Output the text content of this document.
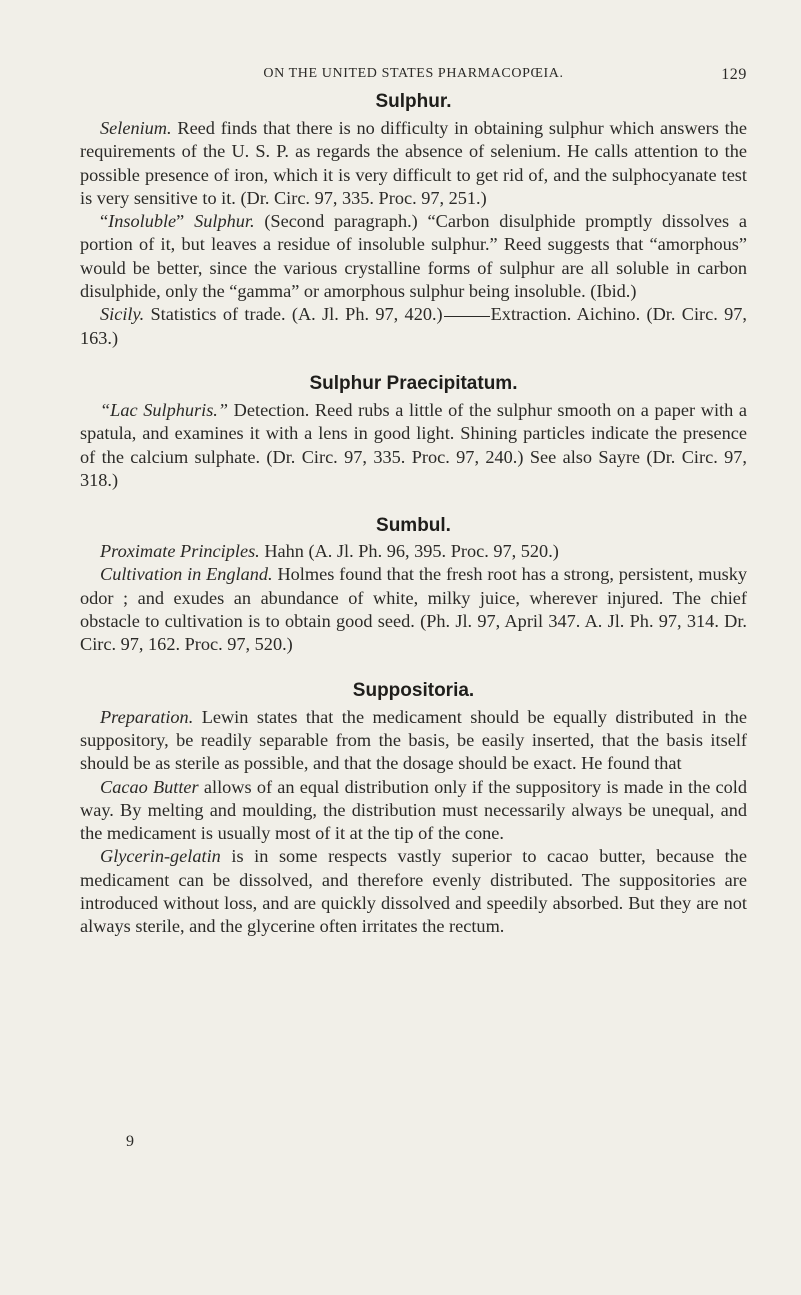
ON THE UNITED STATES PHARMACOPŒIA.	129
Sulphur.

Selenium. Reed finds that there is no difficulty in obtaining sulphur which answers the requirements of the U. S. P. as regards the absence of selenium. He calls attention to the possible presence of iron, which it is very difficult to get rid of, and the sulphocyanate test is very sensitive to it. (Dr. Circ. 97, 335. Proc. 97, 251.)

“Insoluble” Sulphur. (Second paragraph.) “Carbon disulphide promptly dissolves a portion of it, but leaves a residue of insoluble sulphur.” Reed suggests that “amorphous” would be better, since the various crystalline forms of sulphur are all soluble in carbon disulphide, only the “gamma” or amorphous sulphur being insoluble. (Ibid.)

Sicily. Statistics of trade. (A. Jl. Ph. 97, 420.)	Extraction. Aichino. (Dr. Circ. 97, 163.)

Sulphur Praecipitatum.

“Lac Sulphuris.” Detection. Reed rubs a little of the sulphur smooth on a paper with a spatula, and examines it with a lens in good light. Shining particles indicate the presence of the calcium sulphate. (Dr. Circ. 97, 335. Proc. 97, 240.) See also Sayre (Dr. Circ. 97, 318.)

Sumbul.

Proximate Principles. Hahn (A. Jl. Ph. 96, 395. Proc. 97, 520.)

Cultivation in England. Holmes found that the fresh root has a strong, persistent, musky odor ; and exudes an abundance of white, milky juice, wherever injured. The chief obstacle to cultivation is to obtain good seed. (Ph. Jl. 97, April 347. A. Jl. Ph. 97, 314. Dr. Circ. 97, 162. Proc. 97, 520.)

Suppositoria.

Preparation. Lewin states that the medicament should be equally distributed in the suppository, be readily separable from the basis, be easily inserted, that the basis itself should be as sterile as possible, and that the dosage should be exact. He found that

Cacao Butter allows of an equal distribution only if the suppository is made in the cold way. By melting and moulding, the distribution must necessarily always be unequal, and the medicament is usually most of it at the tip of the cone.

Glycerin-gelatin is in some respects vastly superior to cacao butter, because the medicament can be dissolved, and therefore evenly distributed. The suppositories are introduced without loss, and are quickly dissolved and speedily absorbed. But they are not always sterile, and the glycerine often irritates the rectum.

9
